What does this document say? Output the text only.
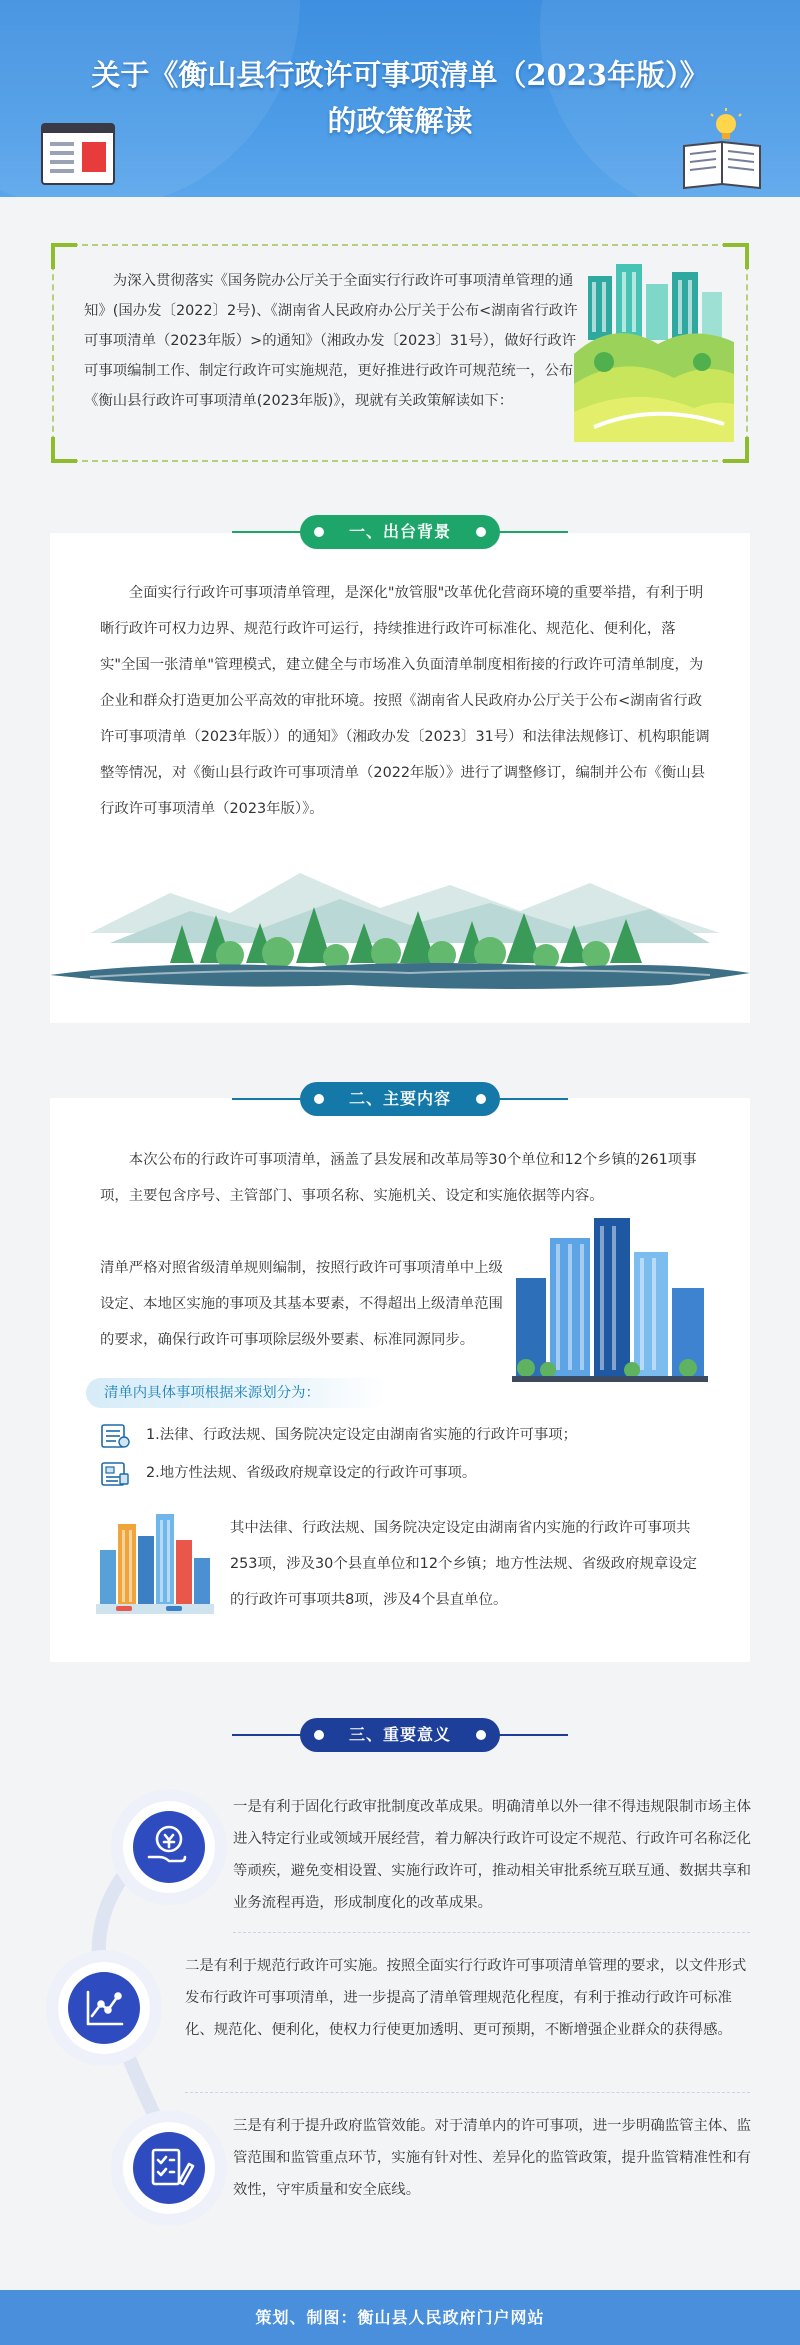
关于《衡山县行政许可事项清单（2023年版）》
的政策解读

为深入贯彻落实《国务院办公厅关于全面实行行政许可事项清单管理的通知》(国办发〔2022〕2号)、《湖南省人民政府办公厅关于公布<湖南省行政许可事项清单（2023年版）>的通知》（湘政办发〔2023〕31号），做好行政许可事项编制工作、制定行政许可实施规范，更好推进行政许可规范统一，公布《衡山县行政许可事项清单(2023年版)》，现就有关政策解读如下：

全面实行行政许可事项清单管理，是深化"放管服"改革优化营商环境的重要举措，有利于明晰行政许可权力边界、规范行政许可运行，持续推进行政许可标准化、规范化、便利化，落实"全国一张清单"管理模式，建立健全与市场准入负面清单制度相衔接的行政许可清单制度，为企业和群众打造更加公平高效的审批环境。按照《湖南省人民政府办公厅关于公布<湖南省行政许可事项清单（2023年版））的通知》（湘政办发〔2023〕31号）和法律法规修订、机构职能调整等情况，对《衡山县行政许可事项清单（2022年版）》进行了调整修订，编制并公布《衡山县行政许可事项清单（2023年版）》。

一、出台背景

本次公布的行政许可事项清单，涵盖了县发展和改革局等30个单位和12个乡镇的261项事项，主要包含序号、主管部门、事项名称、实施机关、设定和实施依据等内容。

清单严格对照省级清单规则编制，按照行政许可事项清单中上级设定、本地区实施的事项及其基本要素，不得超出上级清单范围的要求，确保行政许可事项除层级外要素、标准同源同步。

清单内具体事项根据来源划分为：
1.法律、行政法规、国务院决定设定由湖南省实施的行政许可事项；
2.地方性法规、省级政府规章设定的行政许可事项。

其中法律、行政法规、国务院决定设定由湖南省内实施的行政许可事项共253项，涉及30个县直单位和12个乡镇；地方性法规、省级政府规章设定的行政许可事项共8项，涉及4个县直单位。

二、主要内容
三、重要意义

一是有利于固化行政审批制度改革成果。明确清单以外一律不得违规限制市场主体进入特定行业或领域开展经营，着力解决行政许可设定不规范、行政许可名称泛化等顽疾，避免变相设置、实施行政许可，推动相关审批系统互联互通、数据共享和业务流程再造，形成制度化的改革成果。

二是有利于规范行政许可实施。按照全面实行行政许可事项清单管理的要求，以文件形式发布行政许可事项清单，进一步提高了清单管理规范化程度，有利于推动行政许可标准化、规范化、便利化，使权力行使更加透明、更可预期，不断增强企业群众的获得感。

三是有利于提升政府监管效能。对于清单内的许可事项，进一步明确监管主体、监管范围和监管重点环节，实施有针对性、差异化的监管政策，提升监管精准性和有效性，守牢质量和安全底线。

策划、制图：衡山县人民政府门户网站
